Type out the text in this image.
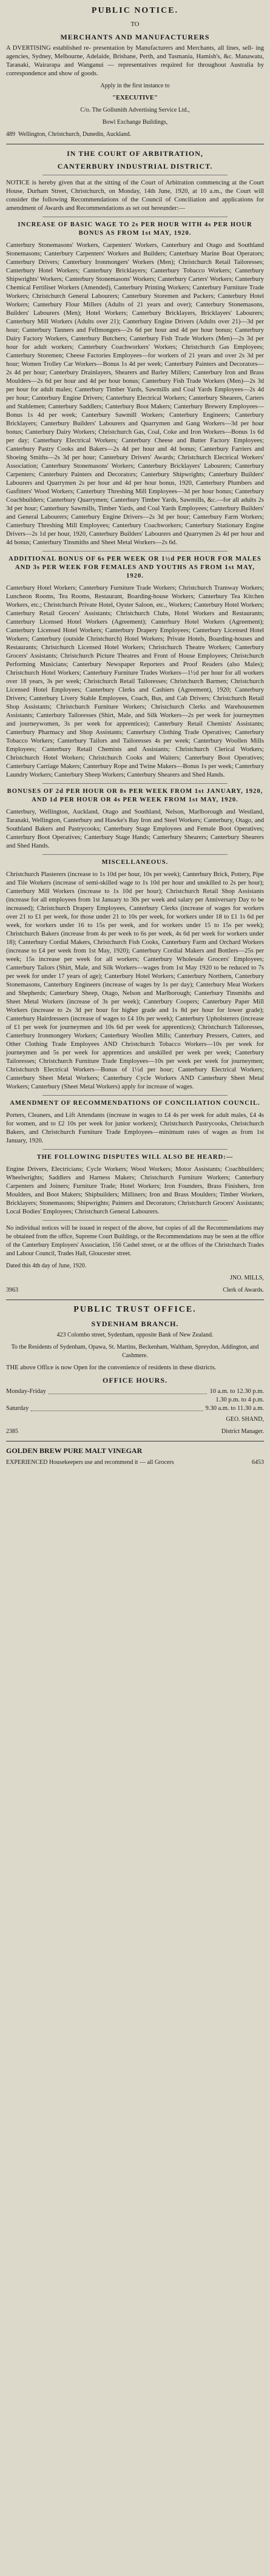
PUBLIC NOTICE.

TO

MERCHANTS AND MANUFACTURERS

A DVERTISING established re- presentation by Manufacturers and Merchants, all lines, sell- ing agencies, Sydney, Melbourne, Adelaide, Brisbane, Perth, and Tasmania, Hamish's, &c. Manawatu, Taranaki, Wairarapa and Wanganui — representatives required for throughout Australia by correspondence and show of goods.

Apply in the first instance to

"EXECUTIVE"

C/o. The Gollsmith Advertising Service Ltd.,

Bowl Exchange Buildings,

489 Wellington, Christchurch, Dunedin, Auckland.

IN THE COURT OF ARBITRATION,
CANTERBURY INDUSTRIAL DISTRICT.

NOTICE is hereby given that at the sitting of the Court of Arbitration commencing at the Court House, Durham Street, Christchurch, on Monday, 14th June, 1920, at 10 a.m., the Court will consider the following Recommendations of the Council of Conciliation and applications for amendment of Awards and Recommendations as set out hereunder:—

INCREASE OF BASIC WAGE TO 2s PER HOUR WITH 4s PER HOUR BONUS AS FROM 1st MAY, 1920.

Canterbury Stonemasons' Workers, Carpenters' Workers, Canterbury and Otago and Southland Stonemasons; Canterbury Carpenters' Workers and Builders; Canterbury Marine Boat Operators; Canterbury Drivers; Canterbury Ironmongers' Workers (Men); Christchurch Retail Tailoresses; Canterbury Hotel Workers; Canterbury Bricklayers; Canterbury Tobacco Workers; Canterbury Shipwrights' Workers; Canterbury Stonemasons' Workers; Canterbury Carters' Workers; Canterbury Chemical Fertiliser Workers (Amended), Canterbury Printing Workers; Canterbury Furniture Trade Workers; Christchurch General Labourers; Canterbury Storemen and Packers; Canterbury Hotel Workers; Canterbury Flour Millers (Adults of 21 years and over); Canterbury Stonemasons, Builders' Labourers (Men); Hotel Workers; Canterbury Bricklayers, Bricklayers' Labourers; Canterbury Mill Workers (Adults over 21); Canterbury Engine Drivers (Adults over 21)—3d per hour; Canterbury Tanners and Fellmongers—2s 6d per hour and 4d per hour bonus; Canterbury Dairy Factory Workers, Canterbury Butchers; Canterbury Fish Trade Workers (Men)—2s 3d per hour for adult workers; Canterbury Coachworkers' Workers; Christchurch Gas Employees; Canterbury Storemen; Cheese Factories Employees—for workers of 21 years and over 2s 3d per hour; Women Trolley Car Workers—Bonus 1s 4d per week; Canterbury Painters and Decorators—2s 4d per hour; Canterbury Drainlayers, Shearers and Barley Millers; Canterbury Iron and Brass Moulders—2s 6d per hour and 4d per hour bonus; Canterbury Fish Trade Workers (Men)—2s 3d per hour for adult males; Canterbury Timber Yards, Sawmills and Coal Yards Employees—2s 4d per hour; Canterbury Engine Drivers; Canterbury Electrical Workers; Canterbury Shearers, Carters and Stablemen; Canterbury Saddlers; Canterbury Boot Makers; Canterbury Brewery Employees—Bonus 1s 4d per week; Canterbury Sawmill Workers; Canterbury Engineers; Canterbury Bricklayers; Canterbury Builders' Labourers and Quarrymen and Gang Workers—3d per hour bonus; Canterbury Dairy Workers; Christchurch Gas, Coal, Coke and Iron Workers—Bonus 1s 6d per day; Canterbury Electrical Workers; Canterbury Cheese and Butter Factory Employees; Canterbury Pastry Cooks and Bakers—2s 4d per hour and 4d bonus; Canterbury Farriers and Shoeing Smiths—2s 3d per hour; Canterbury Drivers' Awards; Christchurch Electrical Workers' Association; Canterbury Stonemasons' Workers; Canterbury Bricklayers' Labourers; Canterbury Carpenters; Canterbury Painters and Decorators; Canterbury Shipwrights; Canterbury Builders' Labourers and Quarrymen 2s per hour and 4d per hour bonus, 1920, Canterbury Plumbers and Gasfitters' Wood Workers; Canterbury Threshing Mill Employees—3d per hour bonus; Canterbury Coachbuilders; Canterbury Quarrymen; Canterbury Timber Yards, Sawmills, &c.—for all adults 2s 3d per hour; Canterbury Sawmills, Timber Yards, and Coal Yards Employees; Canterbury Builders' and General Labourers; Canterbury Engine Drivers—2s 3d per hour; Canterbury Farm Workers; Canterbury Threshing Mill Employees; Canterbury Coachworkers; Canterbury Stationary Engine Drivers—2s 1d per hour, 1920, Canterbury Builders' Labourers and Quarrymen 2s 4d per hour and 4d bonus; Canterbury Tinsmiths and Sheet Metal Workers—2s 6d.

ADDITIONAL BONUS OF 6s PER WEEK OR 1½d PER HOUR FOR MALES AND 3s PER WEEK FOR FEMALES AND YOUTHS AS FROM 1st MAY, 1920.

Canterbury Hotel Workers; Canterbury Furniture Trade Workers; Christchurch Tramway Workers; Luncheon Rooms, Tea Rooms, Restaurant, Boarding-house Workers; Canterbury Tea Kitchen Workers, etc.; Christchurch Private Hotel, Oyster Saloon, etc., Workers; Canterbury Hotel Workers; Canterbury Retail Grocers' Assistants; Christchurch Clubs, Hotel Workers and Restaurants; Canterbury Licensed Hotel Workers (Agreement); Canterbury Hotel Workers (Agreement); Canterbury Licensed Hotel Workers; Canterbury Drapery Employees; Canterbury Licensed Hotel Workers; Canterbury (outside Christchurch) Hotel Workers; Private Hotels, Boarding-houses and Restaurants; Christchurch Licensed Hotel Workers; Christchurch Theatre Workers; Canterbury Grocers' Assistants; Christchurch Picture Theatres and Front of House Employees; Christchurch Performing Musicians; Canterbury Newspaper Reporters and Proof Readers (also Males); Christchurch Hotel Workers; Canterbury Furniture Trades Workers—1½d per hour for all workers over 18 years, 3s per week; Christchurch Retail Tailoresses; Christchurch Barmen; Christchurch Licensed Hotel Employees; Canterbury Clerks and Cashiers (Agreement), 1920; Canterbury Drivers; Canterbury Livery Stable Employees, Coach, Bus, and Cab Drivers; Christchurch Retail Shop Assistants; Christchurch Furniture Workers; Christchurch Clerks and Warehousemen Assistants; Canterbury Tailoresses (Shirt, Male, and Silk Workers—2s per week for journeymen and journeywomen, 3s per week for apprentices); Canterbury Retail Chemists' Assistants; Canterbury Pharmacy and Shop Assistants; Canterbury Clothing Trade Operatives; Canterbury Tobacco Workers; Canterbury Tailors and Tailoresses 4s per week; Canterbury Woollen Mills Employees; Canterbury Retail Chemists and Assistants; Christchurch Clerical Workers; Christchurch Hotel Workers; Christchurch Cooks and Waiters; Canterbury Boot Operatives; Canterbury Carriage Makers; Canterbury Rope and Twine Makers—Bonus 1s per week; Canterbury Laundry Workers; Canterbury Sheep Workers; Canterbury Shearers and Shed Hands.

BONUSES OF 2d PER HOUR OR 8s PER WEEK FROM 1st JANUARY, 1920, AND 1d PER HOUR OR 4s PER WEEK FROM 1st MAY, 1920.

Canterbury, Wellington, Auckland, Otago and Southland, Nelson, Marlborough and Westland, Taranaki, Wellington, Canterbury and Hawke's Bay Iron and Steel Workers; Canterbury, Otago, and Southland Bakers and Pastrycooks; Canterbury Stage Employees and Female Boot Operatives; Canterbury Boot Operatives; Canterbury Stage Hands; Canterbury Shearers; Canterbury Shearers and Shed Hands.

MISCELLANEOUS.

Christchurch Plasterers (increase to 1s 10d per hour, 10s per week); Canterbury Brick, Pottery, Pipe and Tile Workers (increase of semi-skilled wage to 1s 10d per hour and unskilled to 2s per hour); Canterbury Mill Workers (increase to 1s 10d per hour); Christchurch Retail Shop Assistants (increase for all employees from 1st January to 30s per week and salary per Anniversary Day to be increased); Christchurch Drapery Employees, Canterbury Clerks (increase of wages for workers over 21 to £1 per week, for those under 21 to 10s per week, for workers under 18 to £1 1s 6d per week, for workers under 16 to 15s per week, and for workers under 15 to 15s per week); Christchurch Bakers (increase from 4s per week to 6s per week, 4s 6d per week for workers under 18); Canterbury Cordial Makers, Christchurch Fish Cooks, Canterbury Farm and Orchard Workers (increase to £4 per week from 1st May, 1920); Canterbury Cordial Makers and Bottlers—25s per week; 15s increase per week for all workers; Canterbury Wholesale Grocers' Employees; Canterbury Tailors (Shirt, Male, and Silk Workers—wages from 1st May 1920 to be reduced to 7s per week for under 17 years of age); Canterbury Hotel Workers; Canterbury Northern, Canterbury Stonemasons, Canterbury Engineers (increase of wages by 1s per day); Canterbury Meat Workers and Shepherds; Canterbury Sheep, Otago, Nelson and Marlborough; Canterbury Tinsmiths and Sheet Metal Workers (increase of 3s per week); Canterbury Coopers; Canterbury Paper Mill Workers (increase to 2s 3d per hour for higher grade and 1s 8d per hour for lower grade); Canterbury Hairdressers (increase of wages to £4 10s per week); Canterbury Upholsterers (increase of £1 per week for journeymen and 10s 6d per week for apprentices); Christchurch Tailoresses, Canterbury Ironmongery Workers; Canterbury Woollen Mills; Canterbury Pressers, Cutters, and Other Clothing Trade Employees AND Christchurch Tobacco Workers—10s per week for journeymen and 5s per week for apprentices and unskilled per week per week; Canterbury Tailoresses; Christchurch Furniture Trade Employees—10s per week per week for journeymen; Christchurch Electrical Workers—Bonus of 1½d per hour; Canterbury Electrical Workers; Canterbury Sheet Metal Workers; Canterbury Cycle Workers AND Canterbury Sheet Metal Workers; Canterbury (Sheet Metal Workers) apply for increase of wages.

AMENDMENT OF RECOMMENDATIONS OF CONCILIATION COUNCIL.

Porters, Cleaners, and Lift Attendants (increase in wages to £4 4s per week for adult males, £4 4s for women, and to £2 10s per week for junior workers); Christchurch Pastrycooks, Christchurch Bakers, and Christchurch Furniture Trade Employees—minimum rates of wages as from 1st January, 1920.

THE FOLLOWING DISPUTES WILL ALSO BE HEARD:—

Engine Drivers, Electricians; Cycle Workers; Wood Workers; Motor Assistants; Coachbuilders; Wheelwrights; Saddlers and Harness Makers; Christchurch Furniture Workers; Canterbury Carpenters and Joiners; Furniture Trade; Hotel Workers; Iron Founders, Brass Finishers, Iron Moulders, and Boot Makers; Shipbuilders; Milliners; Iron and Brass Moulders; Timber Workers, Bricklayers; Stonemasons; Shipwrights; Painters and Decorators; Christchurch Grocers' Assistants; Local Bodies' Employees; Christchurch General Labourers.

No individual notices will be issued in respect of the above, but copies of all the Recommendations may be obtained from the office, Supreme Court Buildings, or the Recommendations may be seen at the office of the Canterbury Employers' Association, 156 Cashel street, or at the offices of the Christchurch Trades and Labour Council, Trades Hall, Gloucester street.

Dated this 4th day of June, 1920.

JNO. MILLS,

3963	Clerk of Awards.

PUBLIC TRUST OFFICE.
SYDENHAM BRANCH.

423 Colombo street, Sydenham, opposite Bank of New Zealand.

To the Residents of Sydenham, Opawa, St. Martins, Beckenham, Waltham, Spreydon, Addington, and Cashmere.

THE above Office is now Open for the convenience of residents in these districts.

OFFICE HOURS.
Monday-Friday	10 a.m. to 12.30 p.m.
1.30 p.m. to 4 p.m.
Saturday	9.30 a.m. to 11.30 a.m.

GEO. SHAND,

2385	District Manager.

GOLDEN BREW PURE MALT VINEGAR

EXPERIENCED Housekeepers use and recommend it — all Grocers	6453
